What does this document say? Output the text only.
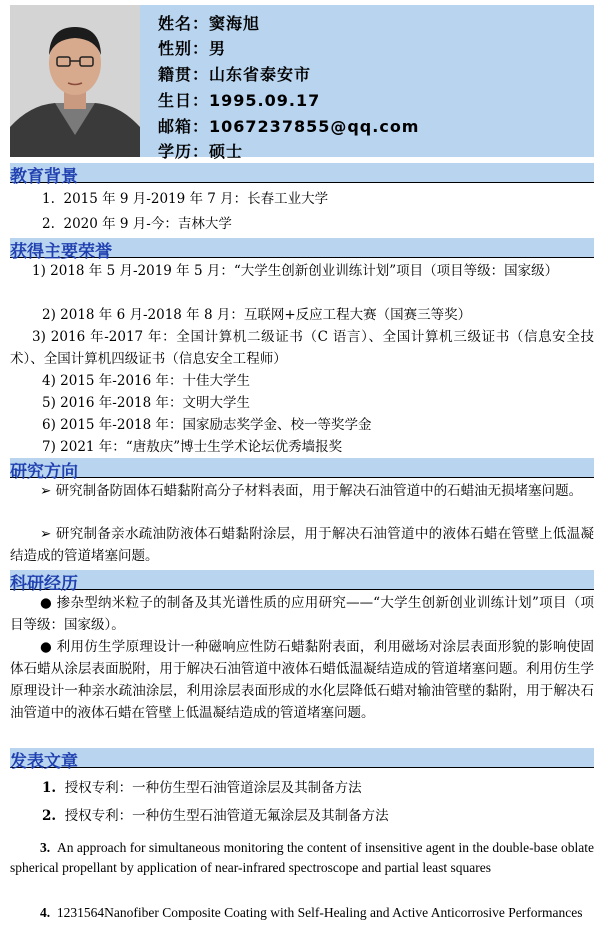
姓名：窦海旭
性别：男
籍贯：山东省泰安市
生日：1995.09.17
邮箱：1067237855@qq.com
学历：硕士
教育背景
1. 2015 年 9 月-2019 年 7 月：长春工业大学
2. 2020 年 9 月-今：吉林大学
获得主要荣誉
1) 2018 年 5 月-2019 年 5 月：“大学生创新创业训练计划”项目（项目等级：国家级）
2) 2018 年 6 月-2018 年 8 月：互联网+反应工程大赛（国赛三等奖）
3) 2016 年-2017 年：全国计算机二级证书（C 语言）、全国计算机三级证书（信息安全技术）、全国计算机四级证书（信息安全工程师）
4) 2015 年-2016 年：十佳大学生
5) 2016 年-2018 年：文明大学生
6) 2015 年-2018 年：国家励志奖学金、校一等奖学金
7) 2021 年：“唐敖庆”博士生学术论坛优秀墙报奖
研究方向
➢ 研究制备防固体石蜡黏附高分子材料表面，用于解决石油管道中的石蜡油无损堵塞问题。
➢ 研究制备亲水疏油防液体石蜡黏附涂层，用于解决石油管道中的液体石蜡在管壁上低温凝结造成的管道堵塞问题。
科研经历
● 掺杂型纳米粒子的制备及其光谱性质的应用研究——“大学生创新创业训练计划”项目（项目等级：国家级）。
● 利用仿生学原理设计一种磁响应性防石蜡黏附表面，利用磁场对涂层表面形貌的影响使固体石蜡从涂层表面脱附，用于解决石油管道中液体石蜡低温凝结造成的管道堵塞问题。利用仿生学原理设计一种亲水疏油涂层，利用涂层表面形成的水化层降低石蜡对输油管壁的黏附，用于解决石油管道中的液体石蜡在管壁上低温凝结造成的管道堵塞问题。
发表文章
1. 授权专利：一种仿生型石油管道涂层及其制备方法
2. 授权专利：一种仿生型石油管道无氟涂层及其制备方法
3. An approach for simultaneous monitoring the content of insensitive agent in the double-base oblate spherical propellant by application of near-infrared spectroscope and partial least squares
4. 1231564Nanofiber Composite Coating with Self-Healing and Active Anticorrosive Performances
